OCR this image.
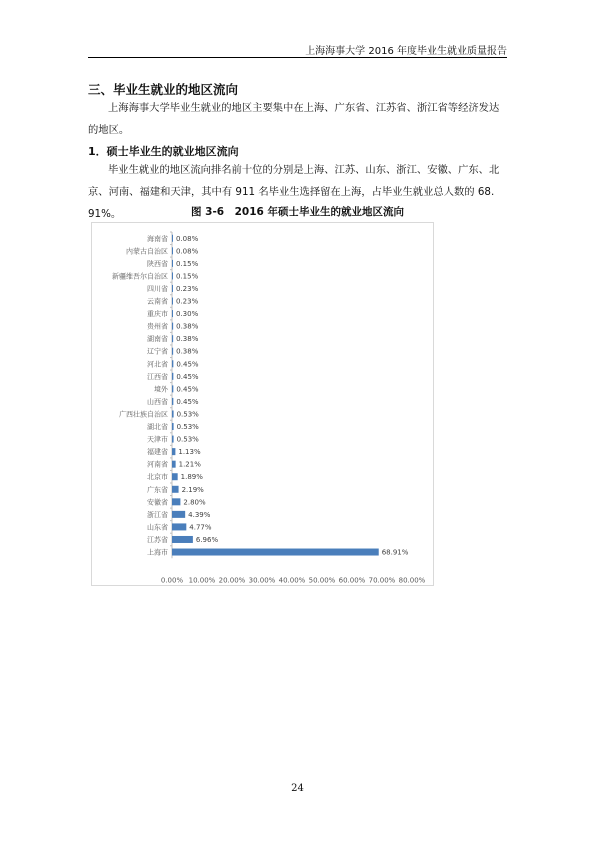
上海海事大学 2016 年度毕业生就业质量报告
三、毕业生就业的地区流向
上海海事大学毕业生就业的地区主要集中在上海、广东省、江苏省、浙江省等经济发达的地区。
1．硕士毕业生的就业地区流向
毕业生就业的地区流向排名前十位的分别是上海、江苏、山东、浙江、安徽、广东、北京、河南、福建和天津，其中有 911 名毕业生选择留在上海，占毕业生就业总人数的 68. 91%。	图 3-6　2016 年硕士毕业生的就业地区流向
海南省 0.08%
内蒙古自治区 0.08%
陕西省 0.15%
新疆维吾尔自治区 0.15%
四川省 0.23%
云南省 0.23%
重庆市 0.30%
贵州省 0.38%
湖南省 0.38%
辽宁省 0.38%
河北省 0.45%
江西省 0.45%
境外 0.45%
山西省 0.45%
广西壮族自治区 0.53%
湖北省 0.53%
天津市 0.53%
福建省 1.13%
河南省 1.21%
北京市 1.89%
广东省 2.19%
安徽省 2.80%
浙江省	4.39%
山东省	4.77%
江苏省	6.96%
上海市	68.91%
0.00% 10.00% 20.00% 30.00% 40.00% 50.00% 60.00% 70.00% 80.00%
24
